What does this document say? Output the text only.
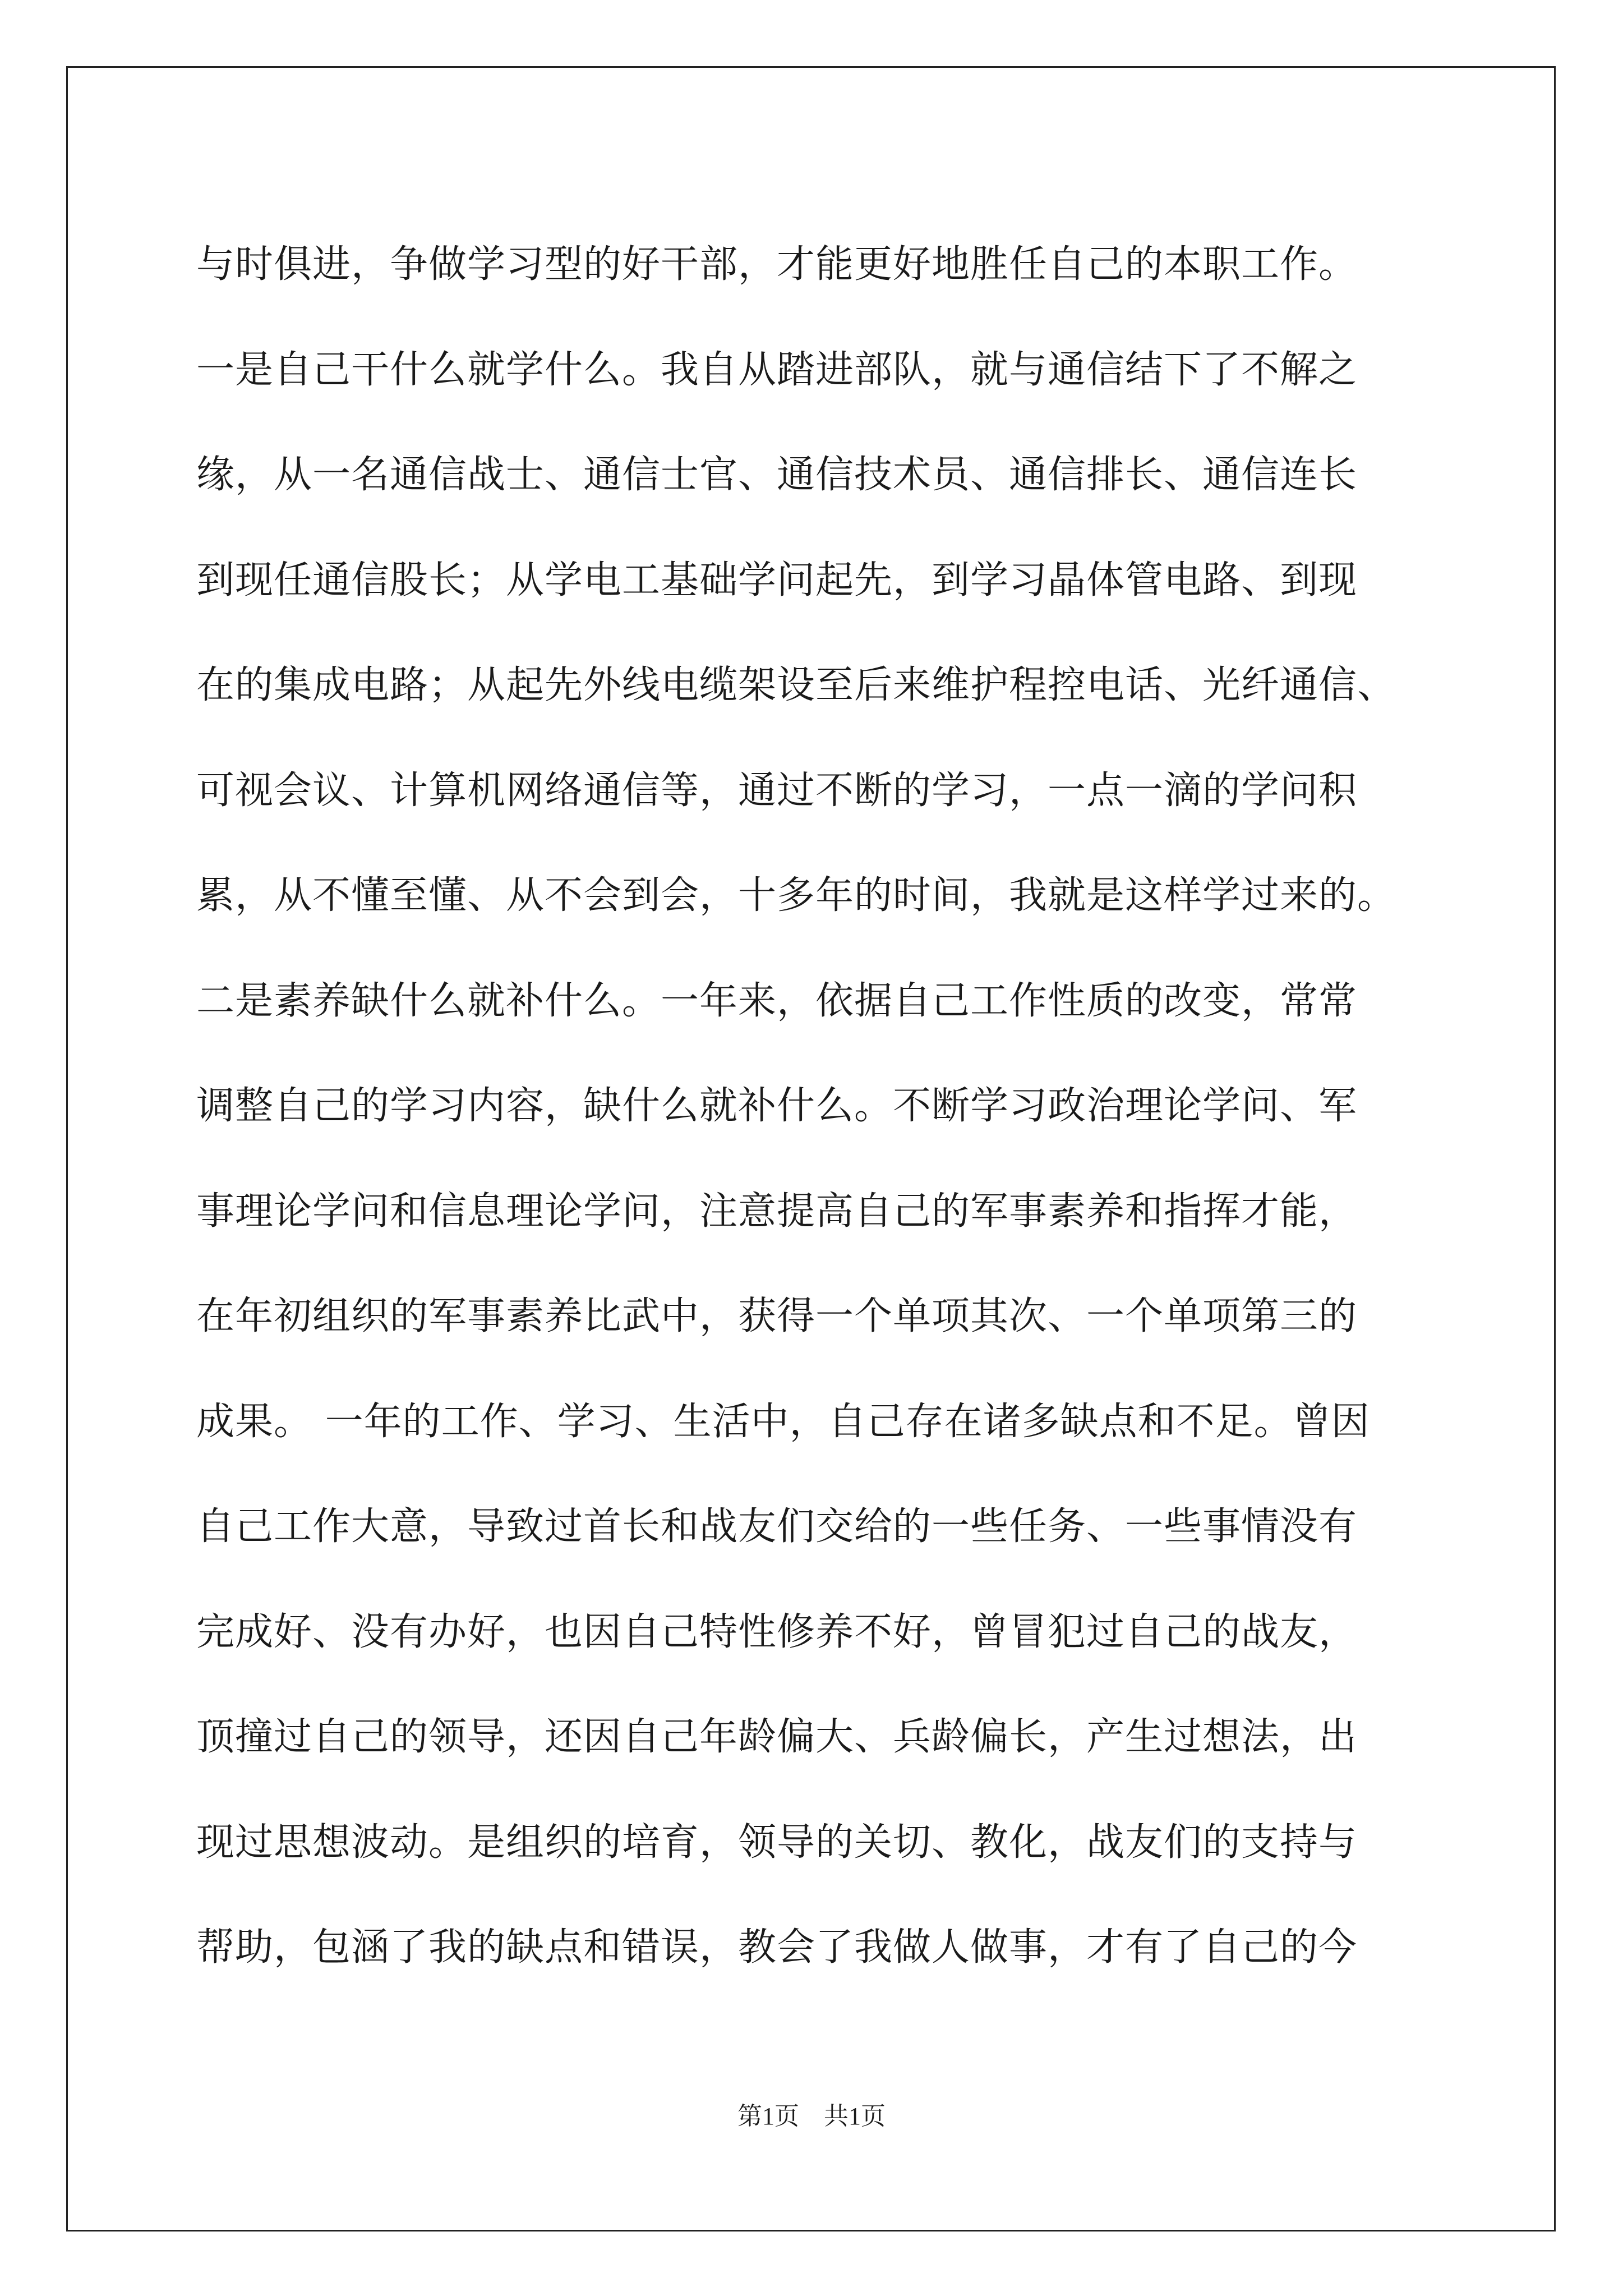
与时俱进，争做学习型的好干部，才能更好地胜任自己的本职工作。
一是自己干什么就学什么。我自从踏进部队，就与通信结下了不解之
缘，从一名通信战士、通信士官、通信技术员、通信排长、通信连长
到现任通信股长；从学电工基础学问起先，到学习晶体管电路、到现
在的集成电路；从起先外线电缆架设至后来维护程控电话、光纤通信、
可视会议、计算机网络通信等，通过不断的学习，一点一滴的学问积
累，从不懂至懂、从不会到会，十多年的时间，我就是这样学过来的。
二是素养缺什么就补什么。一年来，依据自己工作性质的改变，常常
调整自己的学习内容，缺什么就补什么。不断学习政治理论学问、军
事理论学问和信息理论学问，注意提高自己的军事素养和指挥才能，
在年初组织的军事素养比武中，获得一个单项其次、一个单项第三的
成果。 一年的工作、学习、生活中，自己存在诸多缺点和不足。曾因
自己工作大意，导致过首长和战友们交给的一些任务、一些事情没有
完成好、没有办好，也因自己特性修养不好，曾冒犯过自己的战友，
顶撞过自己的领导，还因自己年龄偏大、兵龄偏长，产生过想法，出
现过思想波动。是组织的培育，领导的关切、教化，战友们的支持与
帮助，包涵了我的缺点和错误，教会了我做人做事，才有了自己的今
第1页　共1页
